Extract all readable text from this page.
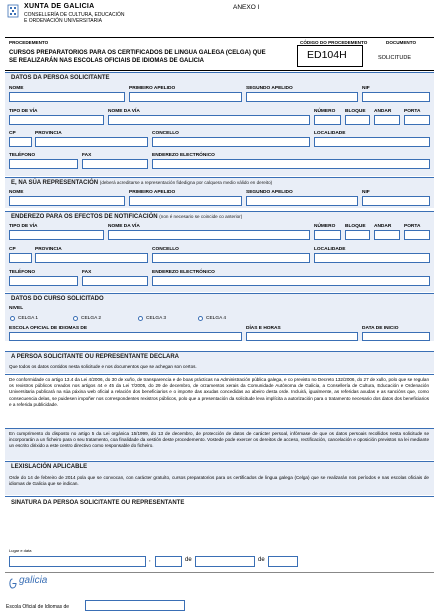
XUNTA DE GALICIA
CONSELLERÍA DE CULTURA, EDUCACIÓN
E ORDENACIÓN UNIVERSITARIA
ANEXO I
PROCEDEMENTO
CURSOS PREPARATORIOS PARA OS CERTIFICADOS DE LINGUA GALEGA (CELGA) QUE
SE REALIZARÁN NAS ESCOLAS OFICIAIS DE IDIOMAS DE GALICIA
CÓDIGO DO PROCEDEMENTO
ED104H
DOCUMENTO
SOLICITUDE
DATOS DA PERSOA SOLICITANTE
NOME	PRIMEIRO APELIDO	SEGUNDO APELIDO	NIF
TIPO DE VÍA	NOME DA VÍA	NÚMERO BLOQUE ANDAR	PORTA
CP	PROVINCIA	CONCELLO	LOCALIDADE
TELÉFONO	FAX	ENDEREZO ELECTRÓNICO
E, NA SÚA REPRESENTACIÓN (deberá acreditarse a representación fidedigna por calquera medio válido en dereito)
NOME	PRIMEIRO APELIDO	SEGUNDO APELIDO	NIF
ENDEREZO PARA OS EFECTOS DE NOTIFICACIÓN (non é necesario se coincide co anterior)
TIPO DE VÍA	NOME DA VÍA	NÚMERO BLOQUE ANDAR	PORTA
CP	PROVINCIA	CONCELLO	LOCALIDADE
TELÉFONO	FAX	ENDEREZO ELECTRÓNICO
DATOS DO CURSO SOLICITADO
NIVEL
CELGA 1	CELGA 2	CELGA 3	CELGA 4
ESCOLA OFICIAL DE IDIOMAS DE	DÍAS E HORAS	DATA DE INICIO
A PERSOA SOLICITANTE OU REPRESENTANTE DECLARA
Que todos os datos contidos nesta solicitude e nos documentos que se achegan son certos.
De conformidade co artigo 13.4 da Lei 4/2006, do 30 de xuño, de transparencia e de boas prácticas na Administración pública galega, e co previsto no Decreto 132/2006, do 27 de xullo, polo que se regulan os rexistros públicos creados nos artigos 44 e 45 da Lei 7/2005, do 29 de decembro, de orzamentos xerais da Comunidade Autónoma de Galicia, a Consellería de Cultura, Educación e Ordenación Universitaria publicará na súa páxina web oficial a relación dos beneficiarios e o importe das axudas concedidas ao abeiro desta orde. Incluirá, igualmente, as referidas axudas e as sancións que, como consecuencia delas, se puidesen impoñer nos correspondentes rexistros públicos, polo que a presentación da solicitude leva implícita a autorización para o tratamento necesario dos datos dos beneficiarios e a referida publicidade.
En cumprimento do disposto no artigo 5 da Lei orgánica 15/1999, do 13 de decembro, de protección de datos de carácter persoal, infórmase de que os datos persoais recollidos nesta solicitude se incorporarán a un ficheiro para o seu tratamento, coa finalidade da xestión deste procedemento. Vostede pode exercer os dereitos de acceso, rectificación, cancelación e oposición previstos na lei mediante un escrito dirixido a este centro directivo como responsable do ficheiro.
LEXISLACIÓN APLICABLE
Orde do 14 de febreiro de 2014 pola que se convocan, con carácter gratuíto, cursos preparatorios para os certificados de lingua galega (Celga) que se realizarán nos períodos e nas escolas oficiais de idiomas de Galicia que se indican.
SINATURA DA PERSOA SOLICITANTE OU REPRESENTANTE
Lugar e data
,	de	de
galicia
Escola Oficial de Idiomas de
